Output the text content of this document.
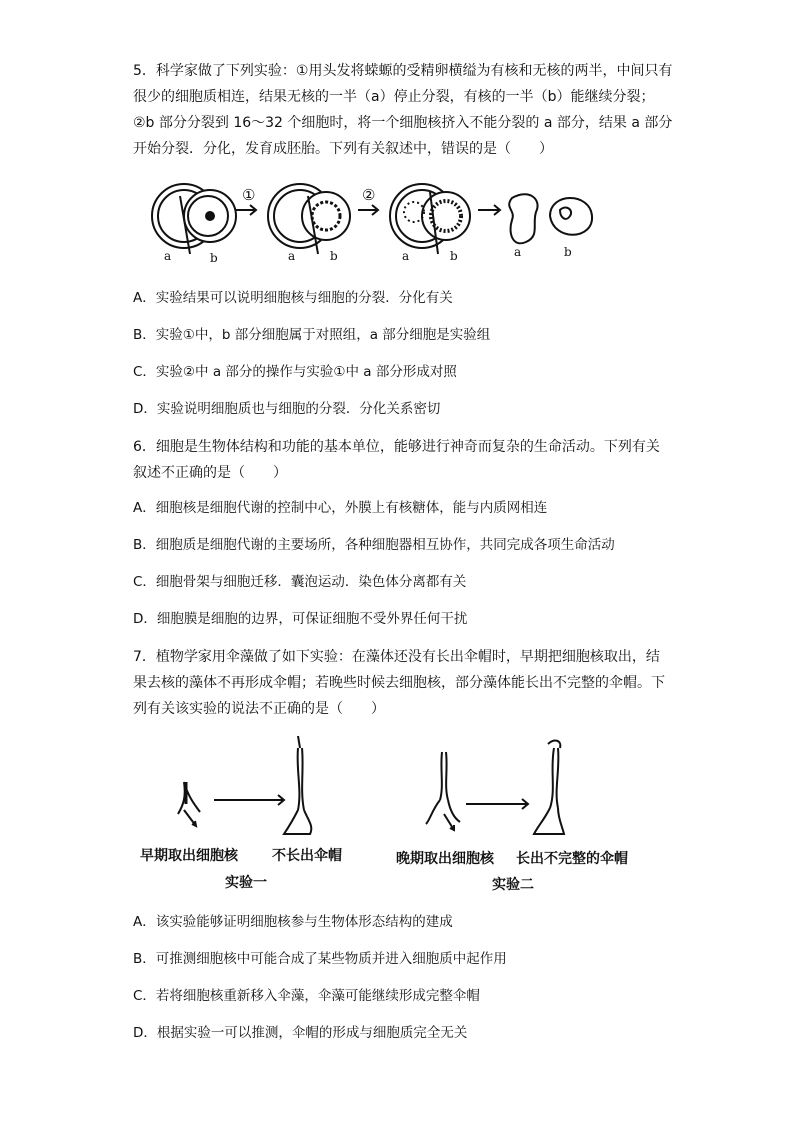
5．科学家做了下列实验：①用头发将蝾螈的受精卵横缢为有核和无核的两半，中间只有很少的细胞质相连，结果无核的一半（a）停止分裂，有核的一半（b）能继续分裂；②b 部分分裂到 16～32 个细胞时，将一个细胞核挤入不能分裂的 a 部分，结果 a 部分开始分裂．分化，发育成胚胎。下列有关叙述中，错误的是（　　）

①	②
a	b	a	b	a	b	a	b

A．实验结果可以说明细胞核与细胞的分裂．分化有关

B．实验①中，b 部分细胞属于对照组，a 部分细胞是实验组

C．实验②中 a 部分的操作与实验①中 a 部分形成对照

D．实验说明细胞质也与细胞的分裂．分化关系密切

6．细胞是生物体结构和功能的基本单位，能够进行神奇而复杂的生命活动。下列有关叙述不正确的是（　　）

A．细胞核是细胞代谢的控制中心，外膜上有核糖体，能与内质网相连

B．细胞质是细胞代谢的主要场所，各种细胞器相互协作，共同完成各项生命活动

C．细胞骨架与细胞迁移．囊泡运动．染色体分离都有关

D．细胞膜是细胞的边界，可保证细胞不受外界任何干扰

7．植物学家用伞藻做了如下实验：在藻体还没有长出伞帽时，早期把细胞核取出，结果去核的藻体不再形成伞帽；若晚些时候去细胞核，部分藻体能长出不完整的伞帽。下列有关该实验的说法不正确的是（　　）

早期取出细胞核 不长出伞帽
实验一
晚期取出细胞核 长出不完整的伞帽
实验二

A．该实验能够证明细胞核参与生物体形态结构的建成

B．可推测细胞核中可能合成了某些物质并进入细胞质中起作用

C．若将细胞核重新移入伞藻，伞藻可能继续形成完整伞帽

D．根据实验一可以推测，伞帽的形成与细胞质完全无关
